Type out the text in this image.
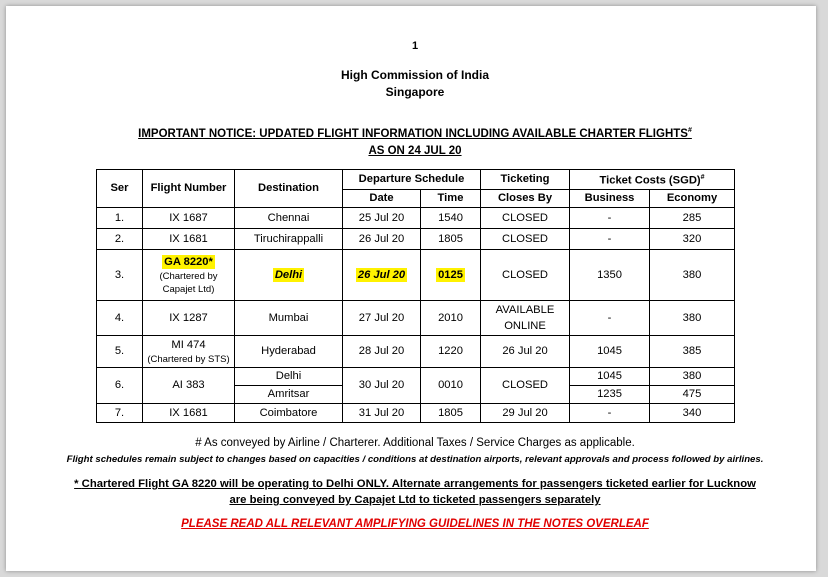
1
High Commission of India
Singapore
IMPORTANT NOTICE: UPDATED FLIGHT INFORMATION INCLUDING AVAILABLE CHARTER FLIGHTS#
AS ON 24 JUL 20
Ser	Flight Number	Destination	Departure Schedule		Ticketing	Ticket Costs (SGD)#
			Date	Time	Closes By	Business	Economy
1.	IX 1687	Chennai	25 Jul 20	1540	CLOSED	-	285
2.	IX 1681	Tiruchirappalli	26 Jul 20	1805	CLOSED	-	320
3.	GA 8220*
(Chartered by
Capajet Ltd)	Delhi	26 Jul 20	0125	CLOSED	1350	380
4.	IX 1287	Mumbai	27 Jul 20	2010	AVAILABLE
ONLINE	-	380
5.	MI 474
(Chartered by STS)	Hyderabad	28 Jul 20	1220	26 Jul 20	1045	385
6.	AI 383	Delhi	30 Jul 20	0010	CLOSED	1045	380
		Amritsar				1235	475
7.	IX 1681	Coimbatore	31 Jul 20	1805	29 Jul 20	-	340
# As conveyed by Airline / Charterer. Additional Taxes / Service Charges as applicable.
Flight schedules remain subject to changes based on capacities / conditions at destination airports, relevant approvals and process followed by airlines.
* Chartered Flight GA 8220 will be operating to Delhi ONLY. Alternate arrangements for passengers ticketed earlier for Lucknow are being conveyed by Capajet Ltd to ticketed passengers separately
PLEASE READ ALL RELEVANT AMPLIFYING GUIDELINES IN THE NOTES OVERLEAF
